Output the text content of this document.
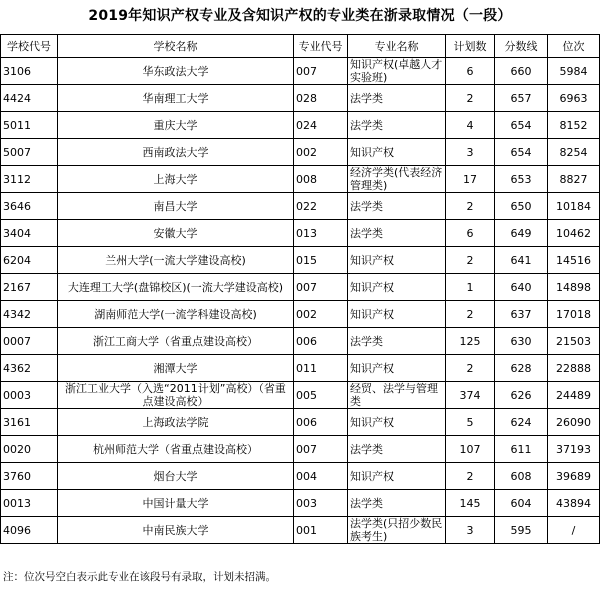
2019年知识产权专业及含知识产权的专业类在浙录取情况（一段）
学校代号	学校名称	专业代号	专业名称	计划数	分数线	位次
3106	华东政法大学	007	知识产权(卓越人才实验班)	6	660	5984
4424	华南理工大学	028	法学类	2	657	6963
5011	重庆大学	024	法学类	4	654	8152
5007	西南政法大学	002	知识产权	3	654	8254
3112	上海大学	008	经济学类(代表经济管理类)	17	653	8827
3646	南昌大学	022	法学类	2	650	10184
3404	安徽大学	013	法学类	6	649	10462
6204	兰州大学(一流大学建设高校)	015	知识产权	2	641	14516
2167	大连理工大学(盘锦校区)(一流大学建设高校)	007	知识产权	1	640	14898
4342	湖南师范大学(一流学科建设高校)	002	知识产权	2	637	17018
0007	浙江工商大学（省重点建设高校）	006	法学类	125	630	21503
4362	湘潭大学	011	知识产权	2	628	22888
0003	浙江工业大学（入选“2011计划”高校）（省重点建设高校）	005	经贸、法学与管理类	374	626	24489
3161	上海政法学院	006	知识产权	5	624	26090
0020	杭州师范大学（省重点建设高校）	007	法学类	107	611	37193
3760	烟台大学	004	知识产权	2	608	39689
0013	中国计量大学	003	法学类	145	604	43894
4096	中南民族大学	001	法学类(只招少数民族考生)	3	595	/
注：位次号空白表示此专业在该段号有录取，计划未招满。
